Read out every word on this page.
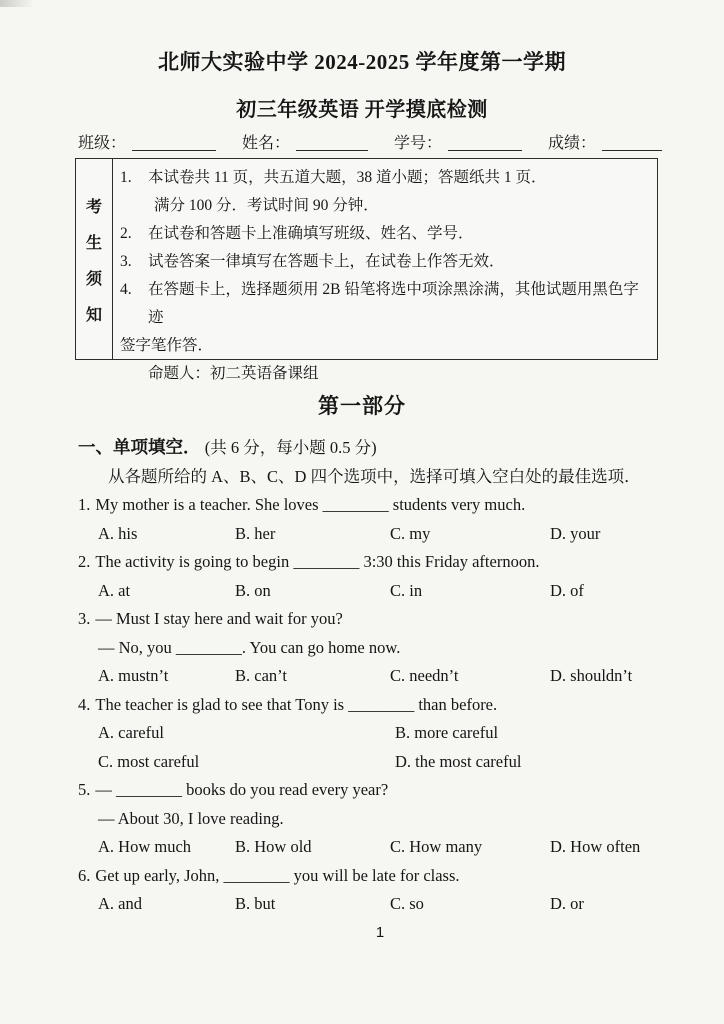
北师大实验中学 2024-2025 学年度第一学期
初三年级英语 开学摸底检测
班级：	姓名：	学号：	成绩：
考
生
须
知
1.	本试卷共 11 页，共五道大题，38 道小题；答题纸共 1 页．
满分 100 分．考试时间 90 分钟．
2.	在试卷和答题卡上准确填写班级、姓名、学号．
3.	试卷答案一律填写在答题卡上，在试卷上作答无效．
4.	在答题卡上，选择题须用 2B 铅笔将选中项涂黑涂满，其他试题用黑色字迹
签字笔作答．
命题人：初二英语备课组
第一部分
一、单项填空． (共 6 分，每小题 0.5 分)
从各题所给的 A、B、C、D 四个选项中，选择可填入空白处的最佳选项．
1. My mother is a teacher. She loves ________ students very much.
A. his	B. her	C. my	D. your
2. The activity is going to begin ________ 3:30 this Friday afternoon.
A. at	B. on	C. in	D. of
3. — Must I stay here and wait for you?
— No, you ________. You can go home now.
A. mustn’t	B. can’t	C. needn’t	D. shouldn’t
4. The teacher is glad to see that Tony is ________ than before.
A. careful	B. more careful
C. most careful	D. the most careful
5. — ________ books do you read every year?
— About 30, I love reading.
A. How much	B. How old	C. How many	D. How often
6. Get up early, John, ________ you will be late for class.
A. and	B. but	C. so	D. or
1
